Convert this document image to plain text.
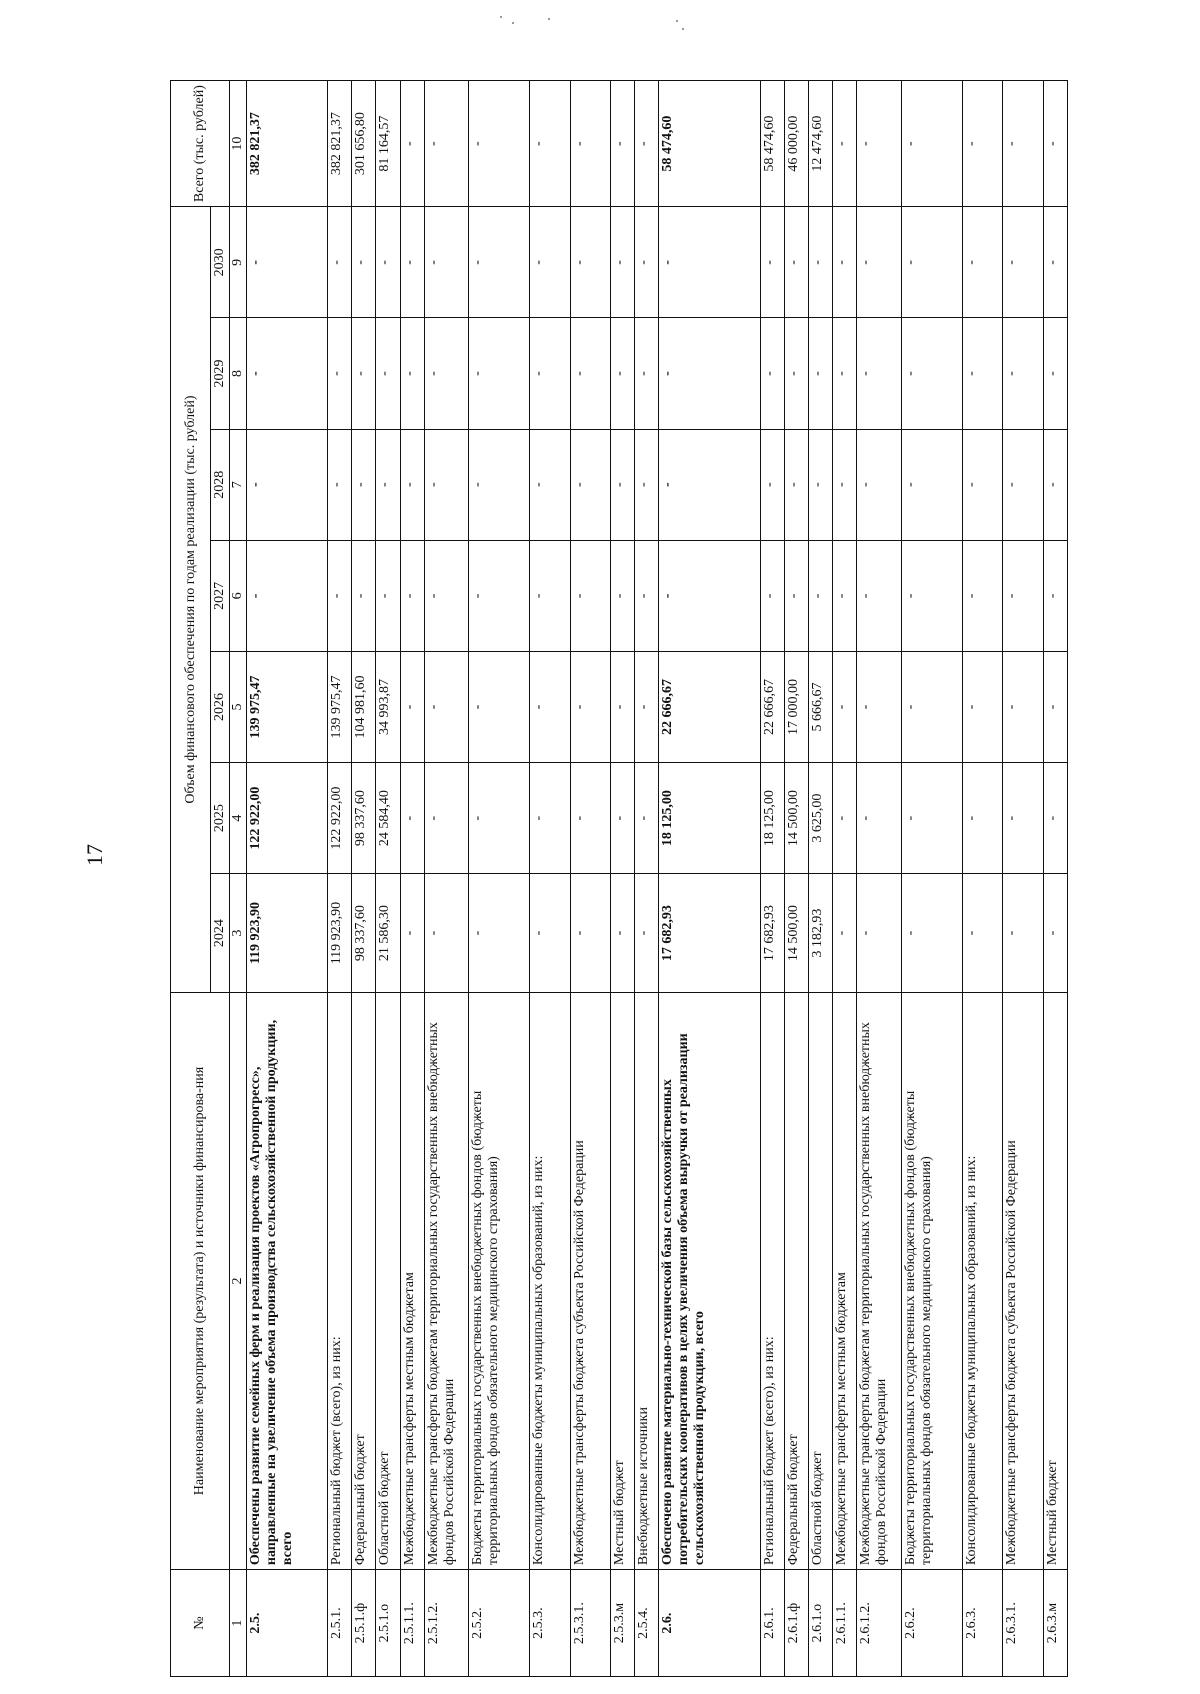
17
№	Наименование мероприятия (результата) и источники финансирова-ния	Объем финансового обеспечения по годам реализации (тыс. рублей)							Всего (тыс. рублей)
		2024	2025	2026	2027	2028	2029	2030	
1	2	3	4	5	6	7	8	9	10
2.5.	Обеспечены развитие семейных ферм и реализация проектов «Агропрогресс», направленные на увеличение объема производства сельскохозяйственной продукции, всего	119 923,90	122 922,00	139 975,47	-	-	-	-	382 821,37
2.5.1.	Региональный бюджет (всего), из них:	119 923,90	122 922,00	139 975,47	-	-	-	-	382 821,37
2.5.1.ф	Федеральный бюджет	98 337,60	98 337,60	104 981,60	-	-	-	-	301 656,80
2.5.1.о	Областной бюджет	21 586,30	24 584,40	34 993,87	-	-	-	-	81 164,57
2.5.1.1.	Межбюджетные трансферты местным бюджетам	-	-	-	-	-	-	-	-
2.5.1.2.	Межбюджетные трансферты бюджетам территориальных государственных внебюджетных фондов Российской Федерации	-	-	-	-	-	-	-	-
2.5.2.	Бюджеты территориальных государственных внебюджетных фондов (бюджеты территориальных фондов обязательного медицинского страхования)	-	-	-	-	-	-	-	-
2.5.3.	Консолидированные бюджеты муниципальных образований, из них:	-	-	-	-	-	-	-	-
2.5.3.1.	Межбюджетные трансферты бюджета субъекта Российской Федерации	-	-	-	-	-	-	-	-
2.5.3.м	Местный бюджет	-	-	-	-	-	-	-	-
2.5.4.	Внебюджетные источники	-	-	-	-	-	-	-	-
2.6.	Обеспечено развитие материально-технической базы сельскохозяйственных потребительских кооперативов в целях увеличения объема выручки от реализации сельскохозяйственной продукции, всего	17 682,93	18 125,00	22 666,67	-	-	-	-	58 474,60
2.6.1.	Региональный бюджет (всего), из них:	17 682,93	18 125,00	22 666,67	-	-	-	-	58 474,60
2.6.1.ф	Федеральный бюджет	14 500,00	14 500,00	17 000,00	-	-	-	-	46 000,00
2.6.1.о	Областной бюджет	3 182,93	3 625,00	5 666,67	-	-	-	-	12 474,60
2.6.1.1.	Межбюджетные трансферты местным бюджетам	-	-	-	-	-	-	-	-
2.6.1.2.	Межбюджетные трансферты бюджетам территориальных государственных внебюджетных фондов Российской Федерации	-	-	-	-	-	-	-	-
2.6.2.	Бюджеты территориальных государственных внебюджетных фондов (бюджеты территориальных фондов обязательного медицинского страхования)	-	-	-	-	-	-	-	-
2.6.3.	Консолидированные бюджеты муниципальных образований, из них:	-	-	-	-	-	-	-	-
2.6.3.1.	Межбюджетные трансферты бюджета субъекта Российской Федерации	-	-	-	-	-	-	-	-
2.6.3.м	Местный бюджет	-	-	-	-	-	-	-	-
